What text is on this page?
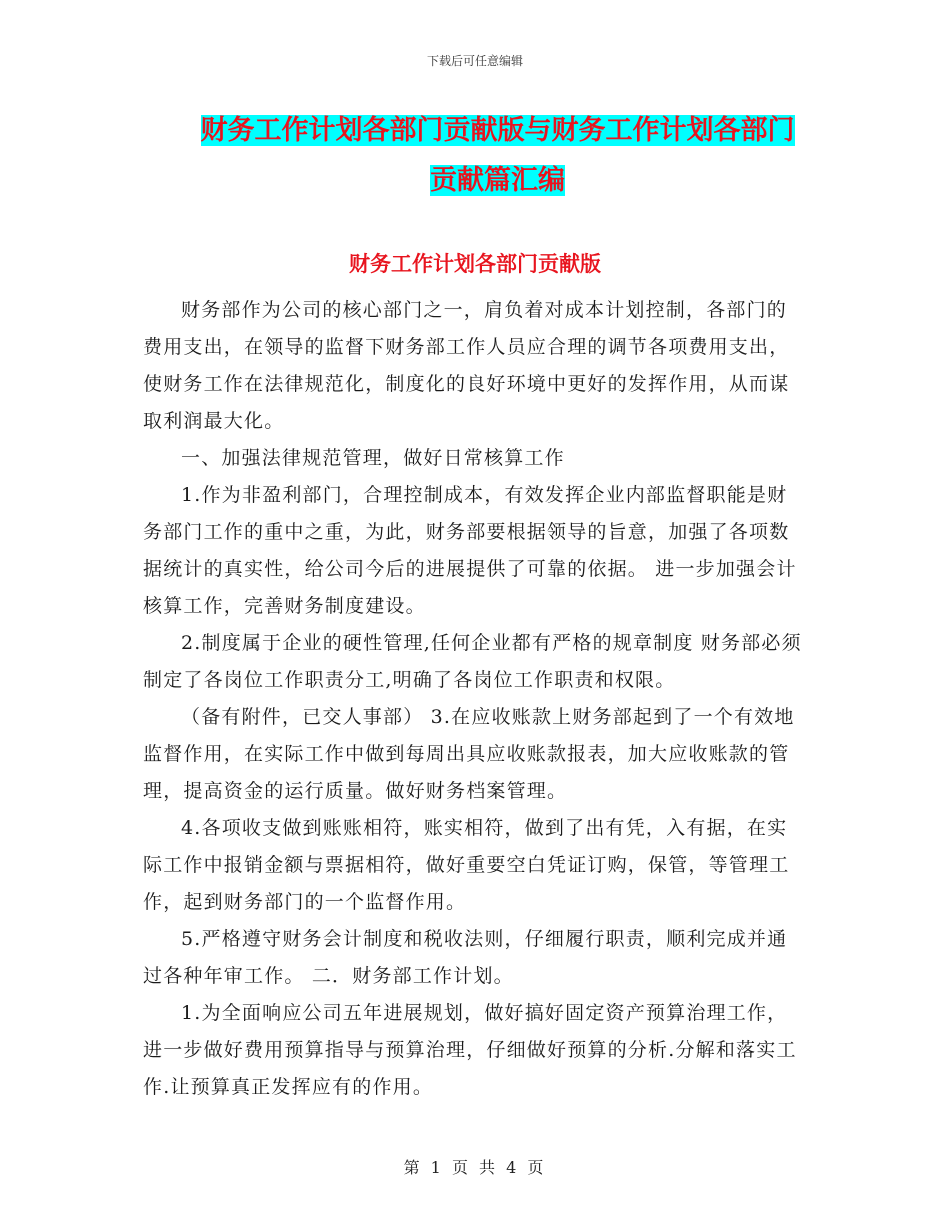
下载后可任意编辑
财务工作计划各部门贡献版与财务工作计划各部门贡献篇汇编
财务工作计划各部门贡献版

财务部作为公司的核心部门之一，肩负着对成本计划控制，各部门的费用支出，在领导的监督下财务部工作人员应合理的调节各项费用支出，使财务工作在法律规范化，制度化的良好环境中更好的发挥作用，从而谋取利润最大化。

一、加强法律规范管理，做好日常核算工作

1.作为非盈利部门，合理控制成本，有效发挥企业内部监督职能是财务部门工作的重中之重，为此，财务部要根据领导的旨意，加强了各项数据统计的真实性，给公司今后的进展提供了可靠的依据。 进一步加强会计核算工作，完善财务制度建设。

2.制度属于企业的硬性管理,任何企业都有严格的规章制度 财务部必须制定了各岗位工作职责分工,明确了各岗位工作职责和权限。

（备有附件，已交人事部） 3.在应收账款上财务部起到了一个有效地监督作用，在实际工作中做到每周出具应收账款报表，加大应收账款的管理，提高资金的运行质量。做好财务档案管理。

4.各项收支做到账账相符，账实相符，做到了出有凭，入有据，在实际工作中报销金额与票据相符，做好重要空白凭证订购，保管，等管理工作，起到财务部门的一个监督作用。

5.严格遵守财务会计制度和税收法则，仔细履行职责，顺利完成并通过各种年审工作。 二．财务部工作计划。

1.为全面响应公司五年进展规划，做好搞好固定资产预算治理工作，进一步做好费用预算指导与预算治理，仔细做好预算的分析.分解和落实工作.让预算真正发挥应有的作用。

第 1 页 共 4 页
